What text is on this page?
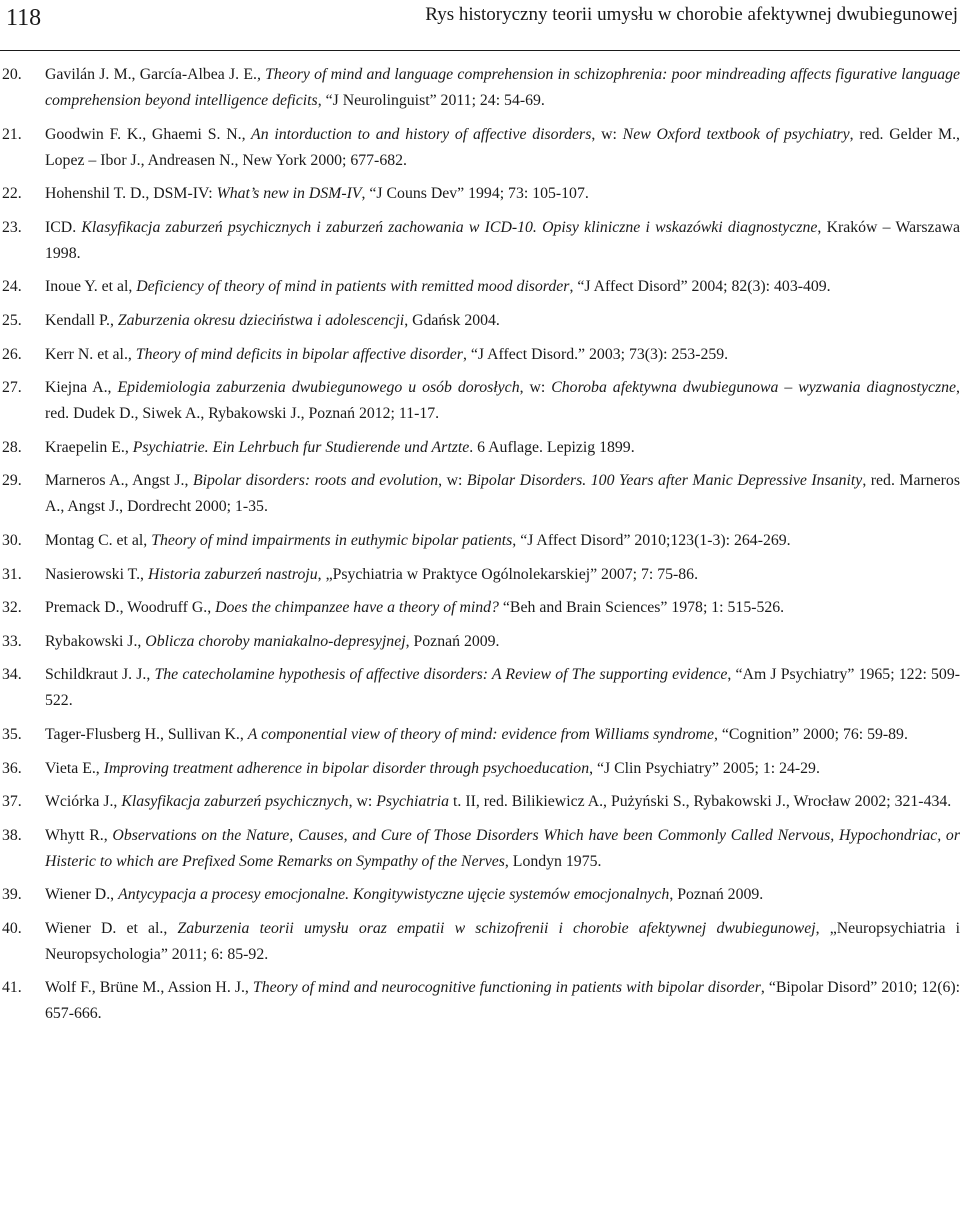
118	Rys historyczny teorii umysłu w chorobie afektywnej dwubiegunowej
20. Gavilán J. M., García-Albea J. E., Theory of mind and language comprehension in schizophrenia: poor mindreading affects figurative language comprehension beyond intelligence deficits, “J Neurolinguist” 2011; 24: 54-69.
21. Goodwin F. K., Ghaemi S. N., An intorduction to and history of affective disorders, w: New Oxford textbook of psychiatry, red. Gelder M., Lopez – Ibor J., Andreasen N., New York 2000; 677-682.
22. Hohenshil T. D., DSM-IV: What’s new in DSM-IV, “J Couns Dev” 1994; 73: 105-107.
23. ICD. Klasyfikacja zaburzeń psychicznych i zaburzeń zachowania w ICD-10. Opisy kliniczne i wskazówki diagnostyczne, Kraków – Warszawa 1998.
24. Inoue Y. et al, Deficiency of theory of mind in patients with remitted mood disorder, “J Affect Disord” 2004; 82(3): 403-409.
25. Kendall P., Zaburzenia okresu dzieciństwa i adolescencji, Gdańsk 2004.
26. Kerr N. et al., Theory of mind deficits in bipolar affective disorder, “J Affect Disord.” 2003; 73(3): 253-259.
27. Kiejna A., Epidemiologia zaburzenia dwubiegunowego u osób dorosłych, w: Choroba afektywna dwubiegunowa – wyzwania diagnostyczne, red. Dudek D., Siwek A., Rybakowski J., Poznań 2012; 11-17.
28. Kraepelin E., Psychiatrie. Ein Lehrbuch fur Studierende und Artzte. 6 Auflage. Lepizig 1899.
29. Marneros A., Angst J., Bipolar disorders: roots and evolution, w: Bipolar Disorders. 100 Years after Manic Depressive Insanity, red. Marneros A., Angst J., Dordrecht 2000; 1-35.
30. Montag C. et al, Theory of mind impairments in euthymic bipolar patients, “J Affect Disord” 2010;123(1-3): 264-269.
31. Nasierowski T., Historia zaburzeń nastroju, „Psychiatria w Praktyce Ogólnolekarskiej” 2007; 7: 75-86.
32. Premack D., Woodruff G., Does the chimpanzee have a theory of mind? “Beh and Brain Sciences” 1978; 1: 515-526.
33. Rybakowski J., Oblicza choroby maniakalno-depresyjnej, Poznań 2009.
34. Schildkraut J. J., The catecholamine hypothesis of affective disorders: A Review of The supporting evidence, “Am J Psychiatry” 1965; 122: 509-522.
35. Tager-Flusberg H., Sullivan K., A componential view of theory of mind: evidence from Williams syndrome, “Cognition” 2000; 76: 59-89.
36. Vieta E., Improving treatment adherence in bipolar disorder through psychoeducation, “J Clin Psychiatry” 2005; 1: 24-29.
37. Wciórka J., Klasyfikacja zaburzeń psychicznych, w: Psychiatria t. II, red. Bilikiewicz A., Pużyński S., Rybakowski J., Wrocław 2002; 321-434.
38. Whytt R., Observations on the Nature, Causes, and Cure of Those Disorders Which have been Commonly Called Nervous, Hypochondriac, or Histeric to which are Prefixed Some Remarks on Sympathy of the Nerves, Londyn 1975.
39. Wiener D., Antycypacja a procesy emocjonalne. Kongitywistyczne ujęcie systemów emocjonalnych, Poznań 2009.
40. Wiener D. et al., Zaburzenia teorii umysłu oraz empatii w schizofrenii i chorobie afektywnej dwubiegunowej, „Neuropsychiatria i Neuropsychologia” 2011; 6: 85-92.
41. Wolf F., Brüne M., Assion H. J., Theory of mind and neurocognitive functioning in patients with bipolar disorder, “Bipolar Disord” 2010; 12(6): 657-666.
